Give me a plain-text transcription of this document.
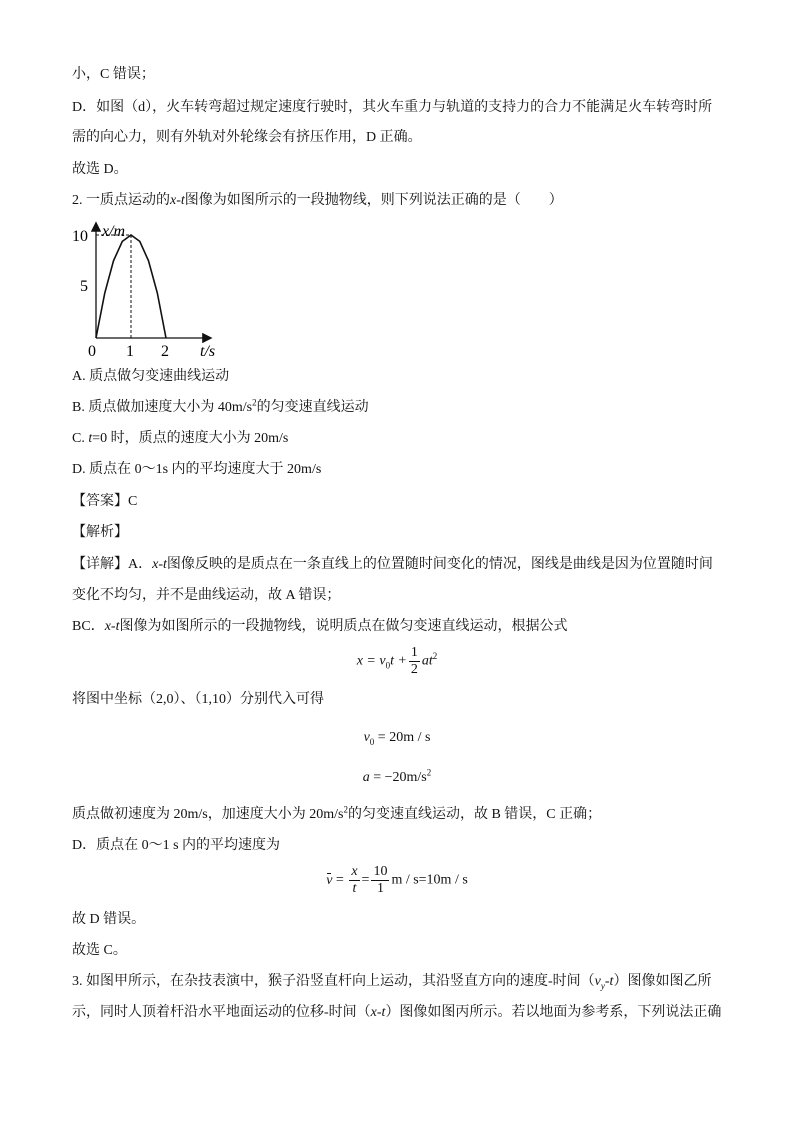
小，C 错误；
D．如图（d），火车转弯超过规定速度行驶时，其火车重力与轨道的支持力的合力不能满足火车转弯时所
需的向心力，则有外轨对外轮缘会有挤压作用，D 正确。
故选 D。
2. 一质点运动的x-t图像为如图所示的一段抛物线，则下列说法正确的是（　　）
x/m
t/s
10
5
0 1 2
A. 质点做匀变速曲线运动
B. 质点做加速度大小为 $40m/s^2$的匀变速直线运动
C. t=0 时，质点的速度大小为 20m/s
D. 质点在 0～1s 内的平均速度大于 20m/s
【答案】C
【解析】
【详解】A．x-t图像反映的是质点在一条直线上的位置随时间变化的情况，图线是曲线是因为位置随时间
变化不均匀，并不是曲线运动，故 A 错误；
BC．x-t图像为如图所示的一段抛物线，说明质点在做匀变速直线运动，根据公式
$x = v_0t + \frac{1}{2} at^2$
将图中坐标（2,0）、（1,10）分别代入可得
$v_0 = 20m / s$
$a = -20m/s^2$
质点做初速度为 20m/s，加速度大小为 $20m/s^2$的匀变速直线运动，故 B 错误，C 正确；
D．质点在 0～1 s 内的平均速度为
$v = \frac{x}{t} = \frac{10}{1}$ m / s=10m / s
故 D 错误。
故选 C。
3. 如图甲所示，在杂技表演中，猴子沿竖直杆向上运动，其沿竖直方向的速度-时间$(v_y-t)$图像如图乙所
示，同时人顶着杆沿水平地面运动的位移-时间（x-t）图像如图丙所示。若以地面为参考系，下列说法正确
